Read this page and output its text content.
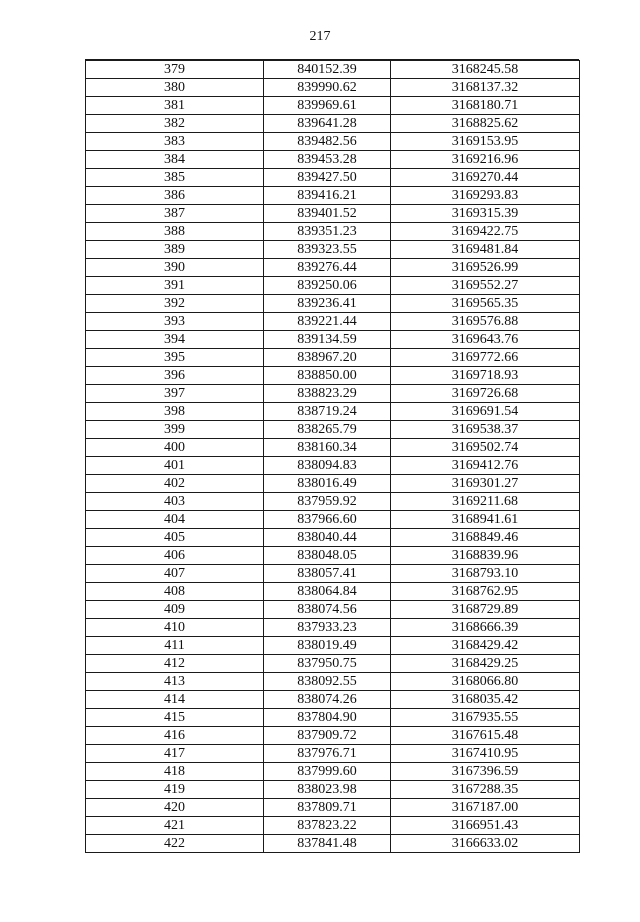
217
379	840152.39	3168245.58
380	839990.62	3168137.32
381	839969.61	3168180.71
382	839641.28	3168825.62
383	839482.56	3169153.95
384	839453.28	3169216.96
385	839427.50	3169270.44
386	839416.21	3169293.83
387	839401.52	3169315.39
388	839351.23	3169422.75
389	839323.55	3169481.84
390	839276.44	3169526.99
391	839250.06	3169552.27
392	839236.41	3169565.35
393	839221.44	3169576.88
394	839134.59	3169643.76
395	838967.20	3169772.66
396	838850.00	3169718.93
397	838823.29	3169726.68
398	838719.24	3169691.54
399	838265.79	3169538.37
400	838160.34	3169502.74
401	838094.83	3169412.76
402	838016.49	3169301.27
403	837959.92	3169211.68
404	837966.60	3168941.61
405	838040.44	3168849.46
406	838048.05	3168839.96
407	838057.41	3168793.10
408	838064.84	3168762.95
409	838074.56	3168729.89
410	837933.23	3168666.39
411	838019.49	3168429.42
412	837950.75	3168429.25
413	838092.55	3168066.80
414	838074.26	3168035.42
415	837804.90	3167935.55
416	837909.72	3167615.48
417	837976.71	3167410.95
418	837999.60	3167396.59
419	838023.98	3167288.35
420	837809.71	3167187.00
421	837823.22	3166951.43
422	837841.48	3166633.02
